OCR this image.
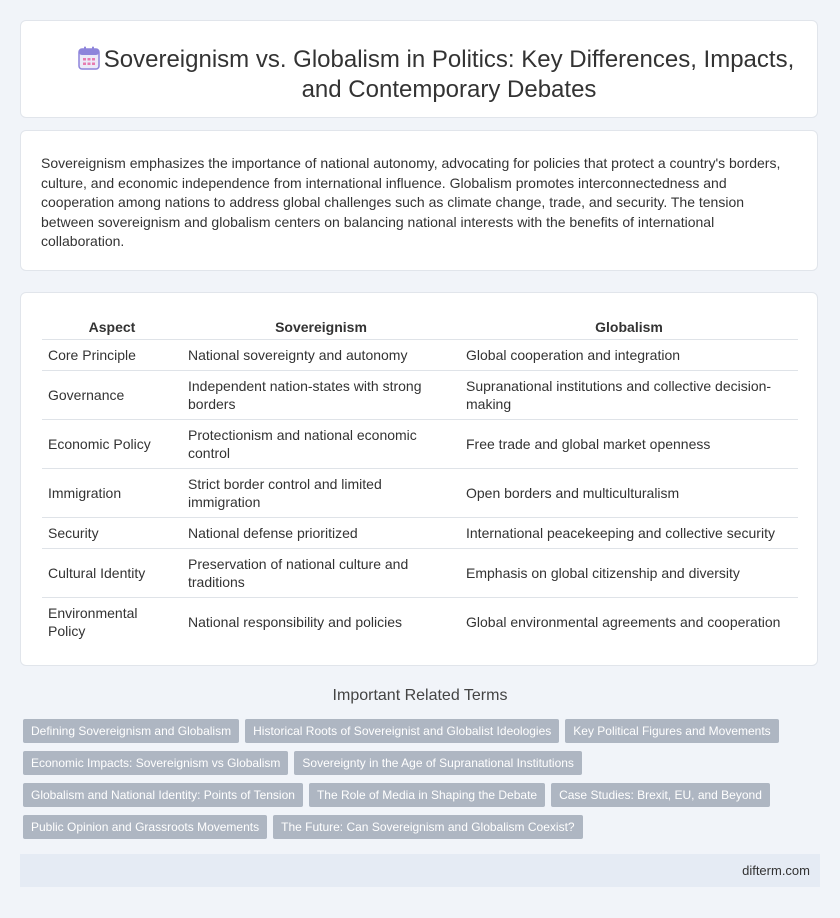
Sovereignism vs. Globalism in Politics: Key Differences, Impacts, and Contemporary Debates

Sovereignism emphasizes the importance of national autonomy, advocating for policies that protect a country's borders, culture, and economic independence from international influence. Globalism promotes interconnectedness and cooperation among nations to address global challenges such as climate change, trade, and security. The tension between sovereignism and globalism centers on balancing national interests with the benefits of international collaboration.

Aspect	Sovereignism	Globalism
Core Principle	National sovereignty and autonomy	Global cooperation and integration
Governance	Independent nation-states with strong borders	Supranational institutions and collective decision-making
Economic Policy	Protectionism and national economic control	Free trade and global market openness
Immigration	Strict border control and limited immigration	Open borders and multiculturalism
Security	National defense prioritized	International peacekeeping and collective security
Cultural Identity	Preservation of national culture and traditions	Emphasis on global citizenship and diversity
Environmental Policy	National responsibility and policies	Global environmental agreements and cooperation
Important Related Terms
Defining Sovereignism and Globalism Historical Roots of Sovereignist and Globalist Ideologies Key Political Figures and Movements
Economic Impacts: Sovereignism vs Globalism Sovereignty in the Age of Supranational Institutions
Globalism and National Identity: Points of Tension The Role of Media in Shaping the Debate Case Studies: Brexit, EU, and Beyond
Public Opinion and Grassroots Movements The Future: Can Sovereignism and Globalism Coexist?
difterm.com
